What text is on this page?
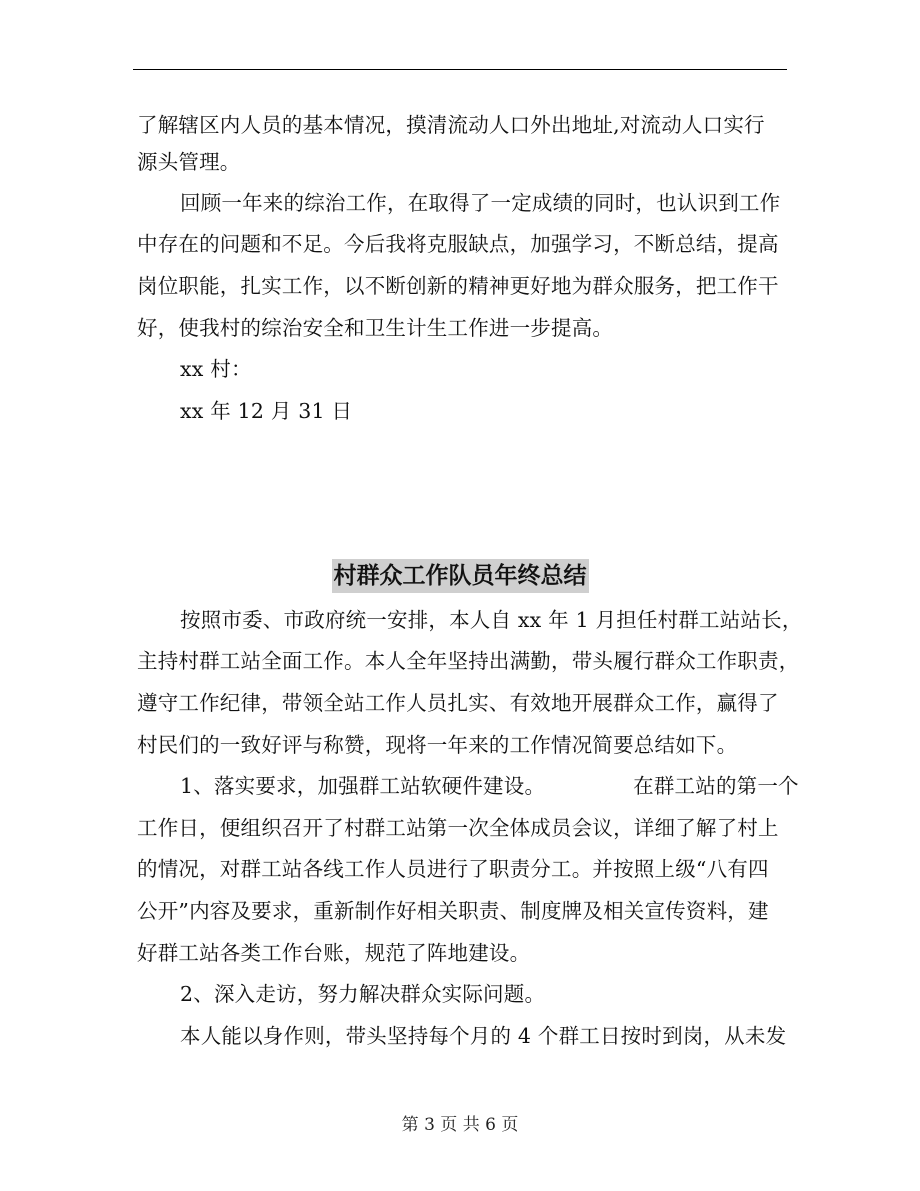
了解辖区内人员的基本情况，摸清流动人口外出地址,对流动人口实行
源头管理。
回顾一年来的综治工作，在取得了一定成绩的同时，也认识到工作
中存在的问题和不足。今后我将克服缺点，加强学习，不断总结，提高
岗位职能，扎实工作，以不断创新的精神更好地为群众服务，把工作干
好，使我村的综治安全和卫生计生工作进一步提高。
xx 村：
xx 年 12 月 31 日
村群众工作队员年终总结
按照市委、市政府统一安排，本人自 xx 年 1 月担任村群工站站长，
主持村群工站全面工作。本人全年坚持出满勤，带头履行群众工作职责，
遵守工作纪律，带领全站工作人员扎实、有效地开展群众工作，赢得了
村民们的一致好评与称赞，现将一年来的工作情况简要总结如下。
1、落实要求，加强群工站软硬件建设。	在群工站的第一个
工作日，便组织召开了村群工站第一次全体成员会议，详细了解了村上
的情况，对群工站各线工作人员进行了职责分工。并按照上级“八有四
公开”内容及要求，重新制作好相关职责、制度牌及相关宣传资料，建
好群工站各类工作台账，规范了阵地建设。
2、深入走访，努力解决群众实际问题。
本人能以身作则，带头坚持每个月的 4 个群工日按时到岗，从未发
第 3 页 共 6 页
